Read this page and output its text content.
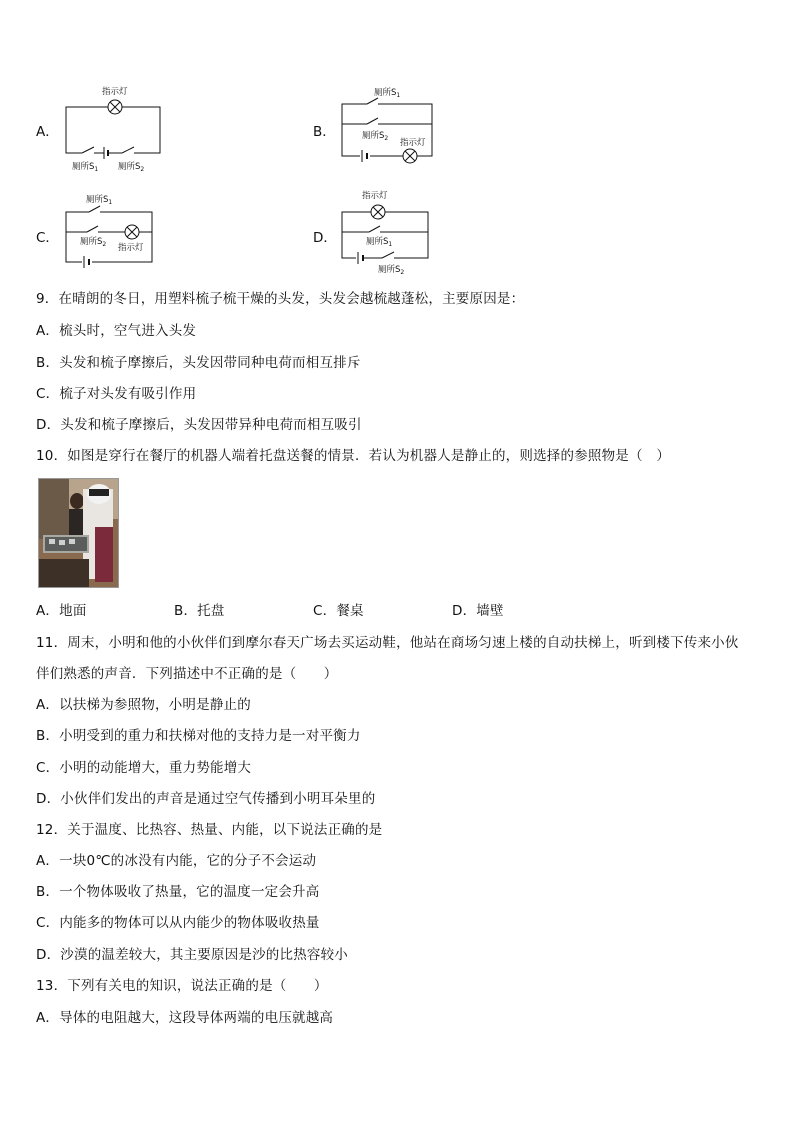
A．
指示灯
厕所$S_1$ 厕所$S_2$
B．
厕所$S_1$
厕所$S_2$ 指示灯
C．
厕所$S_1$
厕所$S_2$ 指示灯
D．
指示灯
厕所$S_1$
厕所$S_2$
9．在晴朗的冬日，用塑料梳子梳干燥的头发，头发会越梳越蓬松，主要原因是：
A．梳头时，空气进入头发
B．头发和梳子摩擦后，头发因带同种电荷而相互排斥
C．梳子对头发有吸引作用
D．头发和梳子摩擦后，头发因带异种电荷而相互吸引
10．如图是穿行在餐厅的机器人端着托盘送餐的情景．若认为机器人是静止的，则选择的参照物是（　）
A．地面	B．托盘	C．餐桌	D．墙壁
11．周末，小明和他的小伙伴们到摩尔春天广场去买运动鞋，他站在商场匀速上楼的自动扶梯上，听到楼下传来小伙
伴们熟悉的声音．下列描述中不正确的是（　　）
A．以扶梯为参照物，小明是静止的
B．小明受到的重力和扶梯对他的支持力是一对平衡力
C．小明的动能增大，重力势能增大
D．小伙伴们发出的声音是通过空气传播到小明耳朵里的
12．关于温度、比热容、热量、内能，以下说法正确的是
A．一块0℃的冰没有内能，它的分子不会运动
B．一个物体吸收了热量，它的温度一定会升高
C．内能多的物体可以从内能少的物体吸收热量
D．沙漠的温差较大，其主要原因是沙的比热容较小
13．下列有关电的知识，说法正确的是（　　）
A．导体的电阻越大，这段导体两端的电压就越高
